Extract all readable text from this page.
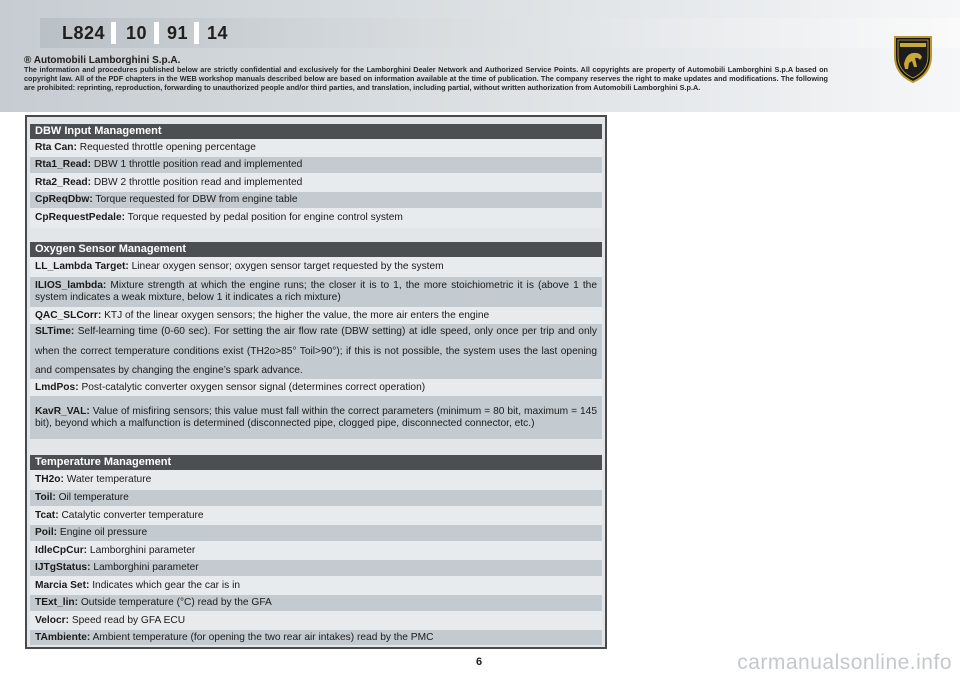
L824 10 91 14
® Automobili Lamborghini S.p.A.
The information and procedures published below are strictly confidential and exclusively for the Lamborghini Dealer Network and Authorized Service Points. All copyrights are property of Automobili Lamborghini S.p.A based on copyright law. All of the PDF chapters in the WEB workshop manuals described below are based on information available at the time of publication. The company reserves the right to make updates and modifications. The following are prohibited: reprinting, reproduction, forwarding to unauthorized people and/or third parties, and translation, including partial, without written authorization from Automobili Lamborghini S.p.A.
DBW Input Management
Rta Can: Requested throttle opening percentage
Rta1_Read: DBW 1 throttle position read and implemented
Rta2_Read: DBW 2 throttle position read and implemented
CpReqDbw: Torque requested for DBW from engine table
CpRequestPedale: Torque requested by pedal position for engine control system
Oxygen Sensor Management
LL_Lambda Target: Linear oxygen sensor; oxygen sensor target requested by the system
ILIOS_lambda: Mixture strength at which the engine runs; the closer it is to 1, the more stoichiometric it is (above 1 the system indicates a weak mixture, below 1 it indicates a rich mixture)
QAC_SLCorr: KTJ of the linear oxygen sensors; the higher the value, the more air enters the engine
SLTime: Self-learning time (0-60 sec). For setting the air flow rate (DBW setting) at idle speed, only once per trip and only when the correct temperature conditions exist (TH2o>85° Toil>90°); if this is not possible, the system uses the last opening and compensates by changing the engine’s spark advance.
LmdPos: Post-catalytic converter oxygen sensor signal (determines correct operation)
KavR_VAL: Value of misfiring sensors; this value must fall within the correct parameters (minimum = 80 bit, maximum = 145 bit), beyond which a malfunction is determined (disconnected pipe, clogged pipe, disconnected connector, etc.)
Temperature Management
TH2o: Water temperature
Toil: Oil temperature
Tcat: Catalytic converter temperature
Poil: Engine oil pressure
IdleCpCur: Lamborghini parameter
IJTgStatus: Lamborghini parameter
Marcia Set: Indicates which gear the car is in
TExt_lin: Outside temperature (°C) read by the GFA
Velocr: Speed read by GFA ECU
TAmbiente: Ambient temperature (for opening the two rear air intakes) read by the PMC
6	carmanualsonline.info
